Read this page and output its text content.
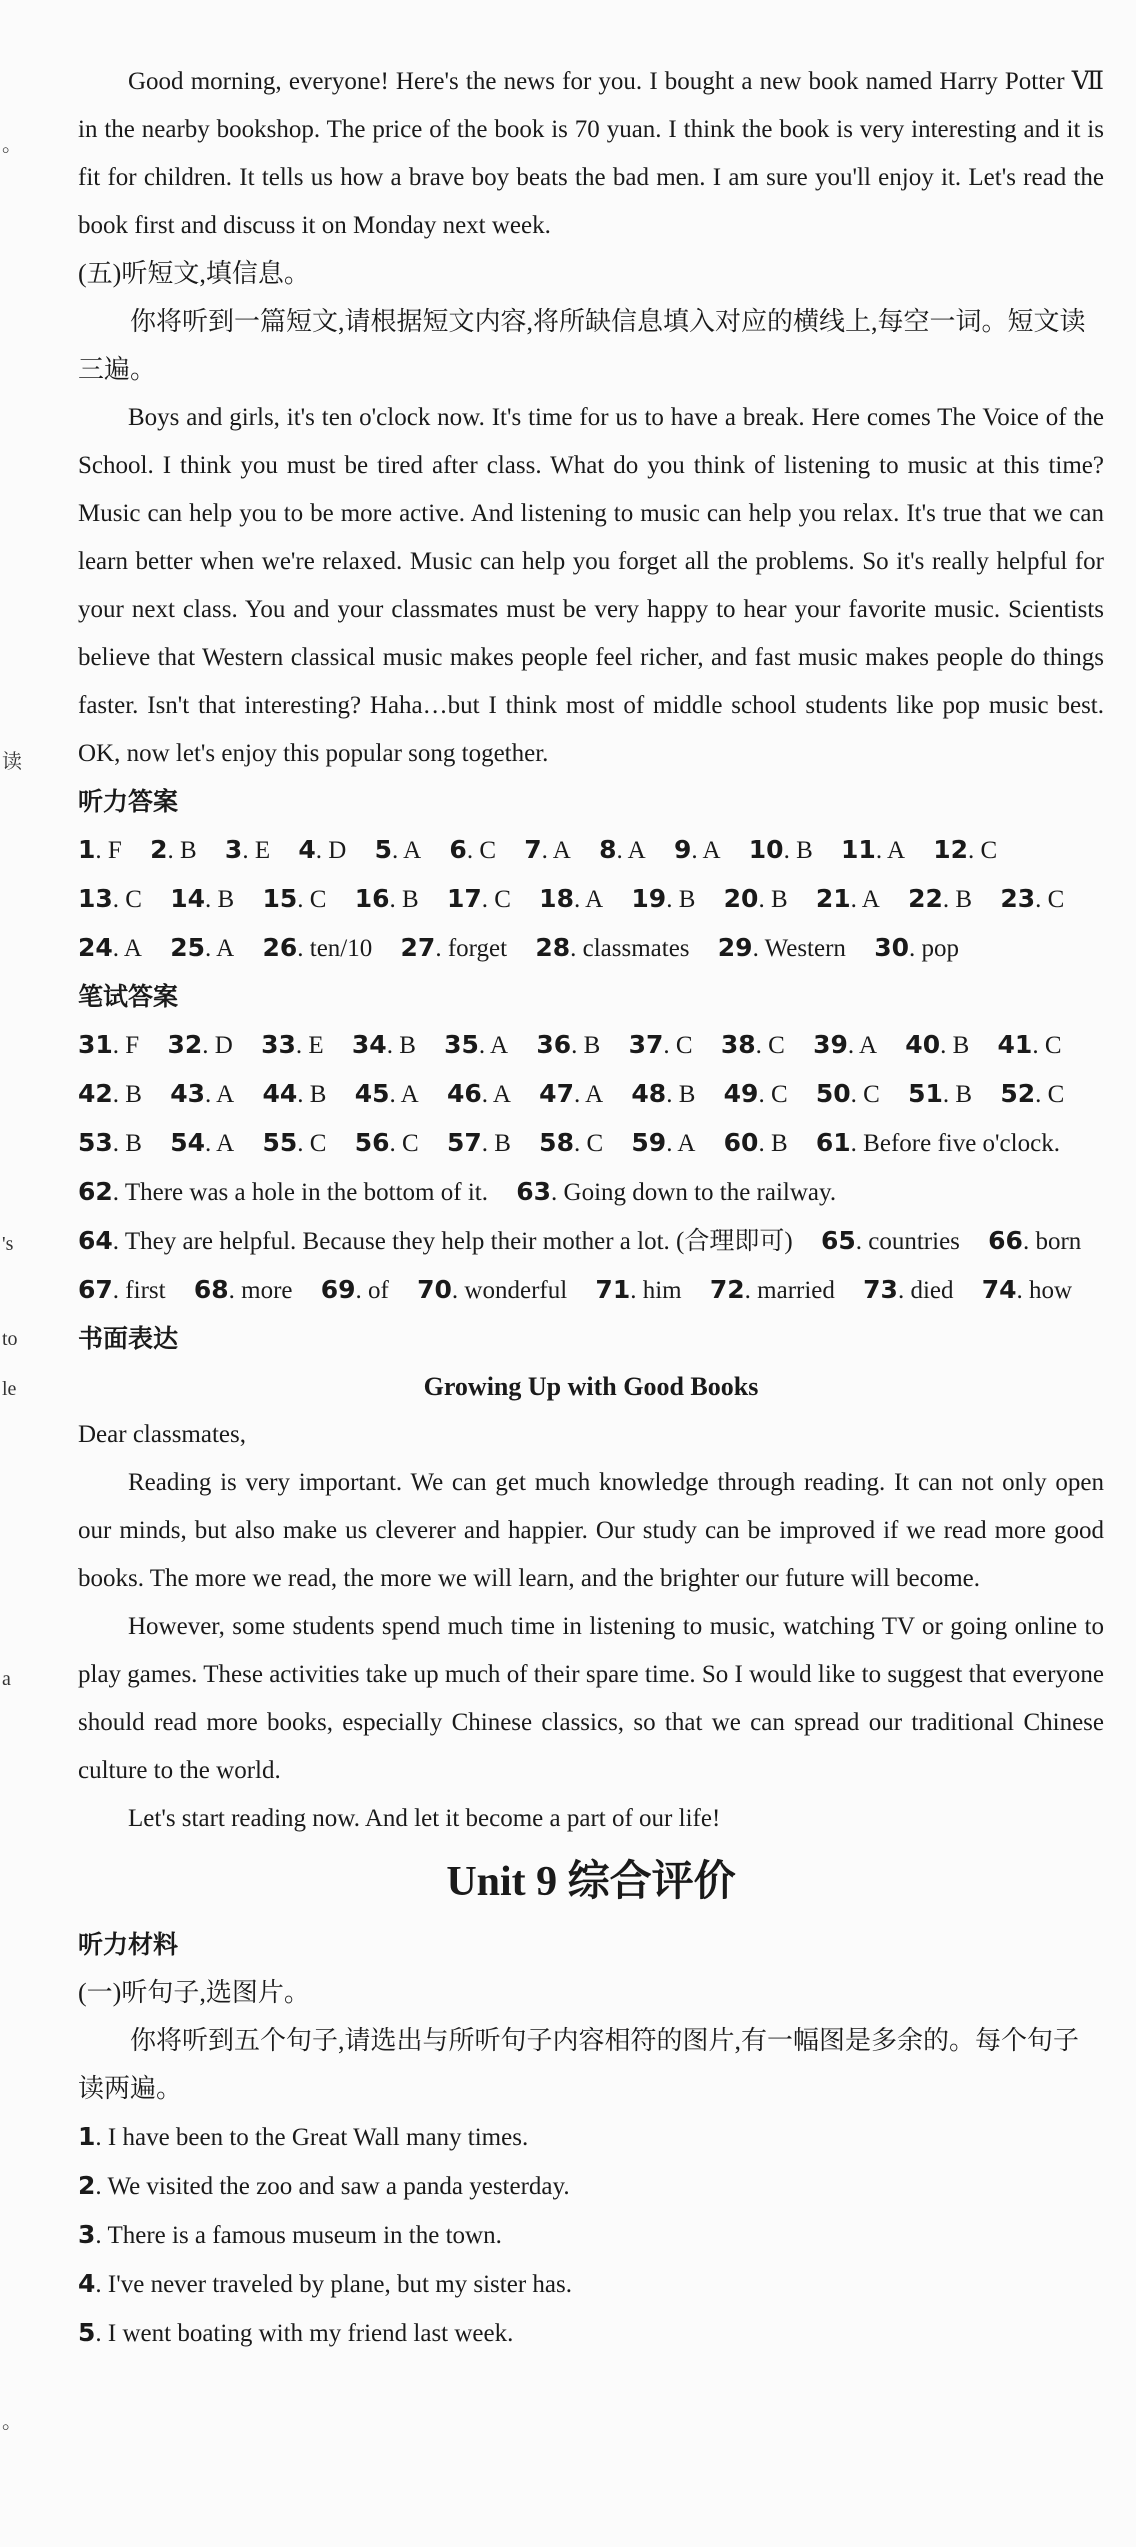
。
读
's
to
le
a
。

Good morning, everyone! Here's the news for you. I bought a new book named Harry Potter Ⅶ in the nearby bookshop. The price of the book is 70 yuan. I think the book is very interesting and it is fit for children. It tells us how a brave boy beats the bad men. I am sure you'll enjoy it. Let's read the book first and discuss it on Monday next week.

(五)听短文,填信息。

你将听到一篇短文,请根据短文内容,将所缺信息填入对应的横线上,每空一词。短文读三遍。

Boys and girls, it's ten o'clock now. It's time for us to have a break. Here comes The Voice of the School. I think you must be tired after class. What do you think of listening to music at this time? Music can help you to be more active. And listening to music can help you relax. It's true that we can learn better when we're relaxed. Music can help you forget all the problems. So it's really helpful for your next class. You and your classmates must be very happy to hear your favorite music. Scientists believe that Western classical music makes people feel richer, and fast music makes people do things faster. Isn't that interesting? Haha…but I think most of middle school students like pop music best. OK, now let's enjoy this popular song together.

听力答案

1. F 2. B 3. E 4. D 5. A 6. C 7. A 8. A 9. A 10. B 11. A 12. C 13. C 14. B 15. C 16. B 17. C 18. A 19. B 20. B 21. A 22. B 23. C 24. A 25. A 26. ten/10 27. forget 28. classmates 29. Western 30. pop

笔试答案

31. F 32. D 33. E 34. B 35. A 36. B 37. C 38. C 39. A 40. B 41. C 42. B 43. A 44. B 45. A 46. A 47. A 48. B 49. C 50. C 51. B 52. C 53. B 54. A 55. C 56. C 57. B 58. C 59. A 60. B 61. Before five o'clock. 62. There was a hole in the bottom of it. 63. Going down to the railway. 64. They are helpful. Because they help their mother a lot. (合理即可) 65. countries 66. born 67. first 68. more 69. of 70. wonderful 71. him 72. married 73. died 74. how

书面表达

Growing Up with Good Books

Dear classmates,

Reading is very important. We can get much knowledge through reading. It can not only open our minds, but also make us cleverer and happier. Our study can be improved if we read more good books. The more we read, the more we will learn, and the brighter our future will become.

However, some students spend much time in listening to music, watching TV or going online to play games. These activities take up much of their spare time. So I would like to suggest that everyone should read more books, especially Chinese classics, so that we can spread our traditional Chinese culture to the world.

Let's start reading now. And let it become a part of our life!

Unit 9 综合评价

听力材料

(一)听句子,选图片。

你将听到五个句子,请选出与所听句子内容相符的图片,有一幅图是多余的。每个句子读两遍。

1. I have been to the Great Wall many times.

2. We visited the zoo and saw a panda yesterday.

3. There is a famous museum in the town.

4. I've never traveled by plane, but my sister has.

5. I went boating with my friend last week.
